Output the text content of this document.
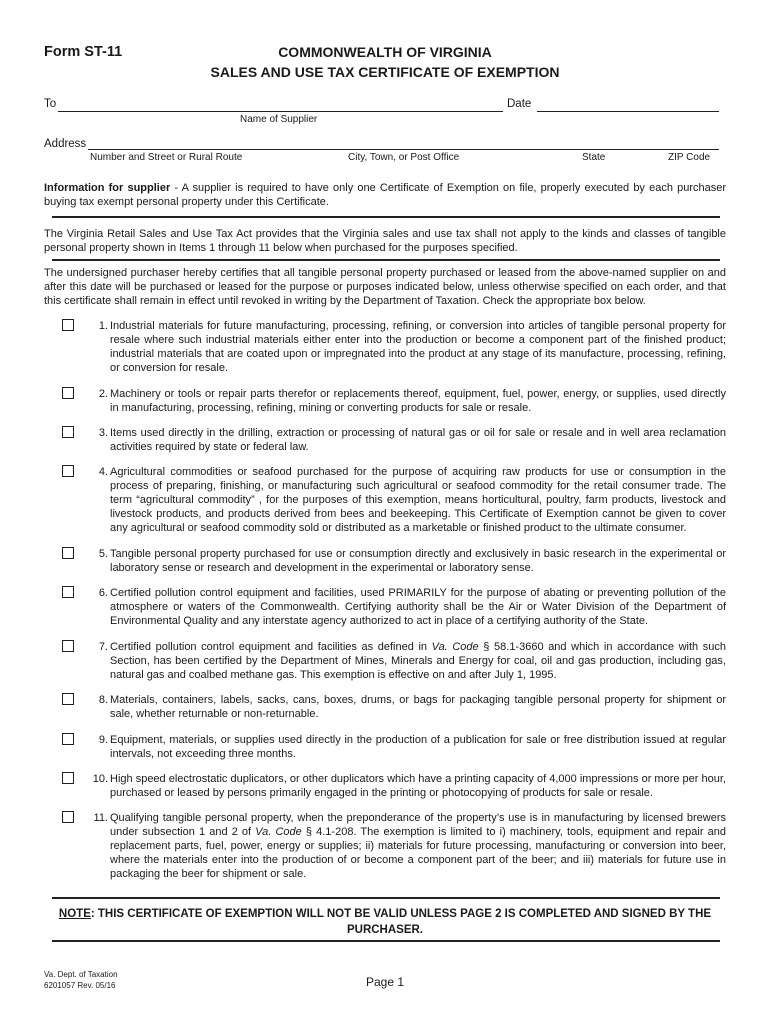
Form ST-11	COMMONWEALTH OF VIRGINIA
SALES AND USE TAX CERTIFICATE OF EXEMPTION
To	Date
Name of Supplier
Address
Number and Street or Rural Route	City, Town, or Post Office	State	ZIP Code
Information for supplier - A supplier is required to have only one Certificate of Exemption on file, properly executed by each purchaser buying tax exempt personal property under this Certificate.
The Virginia Retail Sales and Use Tax Act provides that the Virginia sales and use tax shall not apply to the kinds and classes of tangible personal property shown in Items 1 through 11 below when purchased for the purposes specified.
The undersigned purchaser hereby certifies that all tangible personal property purchased or leased from the above-named supplier on and after this date will be purchased or leased for the purpose or purposes indicated below, unless otherwise specified on each order, and that this certificate shall remain in effect until revoked in writing by the Department of Taxation. Check the appropriate box below.
1. Industrial materials for future manufacturing, processing, refining, or conversion into articles of tangible personal property for resale where such industrial materials either enter into the production or become a component part of the finished product; industrial materials that are coated upon or impregnated into the product at any stage of its manufacture, processing, refining, or conversion for resale.
2. Machinery or tools or repair parts therefor or replacements thereof, equipment, fuel, power, energy, or supplies, used directly in manufacturing, processing, refining, mining or converting products for sale or resale.
3. Items used directly in the drilling, extraction or processing of natural gas or oil for sale or resale and in well area reclamation activities required by state or federal law.
4. Agricultural commodities or seafood purchased for the purpose of acquiring raw products for use or consumption in the process of preparing, finishing, or manufacturing such agricultural or seafood commodity for the retail consumer trade. The term “agricultural commodity” , for the purposes of this exemption, means horticultural, poultry, farm products, livestock and livestock products, and products derived from bees and beekeeping. This Certificate of Exemption cannot be given to cover any agricultural or seafood commodity sold or distributed as a marketable or finished product to the ultimate consumer.
5. Tangible personal property purchased for use or consumption directly and exclusively in basic research in the experimental or laboratory sense or research and development in the experimental or laboratory sense.
6. Certified pollution control equipment and facilities, used PRIMARILY for the purpose of abating or preventing pollution of the atmosphere or waters of the Commonwealth. Certifying authority shall be the Air or Water Division of the Department of Environmental Quality and any interstate agency authorized to act in place of a certifying authority of the State.
7. Certified pollution control equipment and facilities as defined in Va. Code § 58.1-3660 and which in accordance with such Section, has been certified by the Department of Mines, Minerals and Energy for coal, oil and gas production, including gas, natural gas and coalbed methane gas. This exemption is effective on and after July 1, 1995.
8. Materials, containers, labels, sacks, cans, boxes, drums, or bags for packaging tangible personal property for shipment or sale, whether returnable or non-returnable.
9. Equipment, materials, or supplies used directly in the production of a publication for sale or free distribution issued at regular intervals, not exceeding three months.
10. High speed electrostatic duplicators, or other duplicators which have a printing capacity of 4,000 impressions or more per hour, purchased or leased by persons primarily engaged in the printing or photocopying of products for sale or resale.
11. Qualifying tangible personal property, when the preponderance of the property’s use is in manufacturing by licensed brewers under subsection 1 and 2 of Va. Code § 4.1-208. The exemption is limited to i) machinery, tools, equipment and repair and replacement parts, fuel, power, energy or supplies; ii) materials for future processing, manufacturing or conversion into beer, where the materials enter into the production of or become a component part of the beer; and iii) materials for future use in packaging the beer for shipment or sale.
NOTE: THIS CERTIFICATE OF EXEMPTION WILL NOT BE VALID UNLESS PAGE 2 IS COMPLETED AND SIGNED BY THE PURCHASER.
Va. Dept. of Taxation
6201057 Rev. 05/16	Page 1
